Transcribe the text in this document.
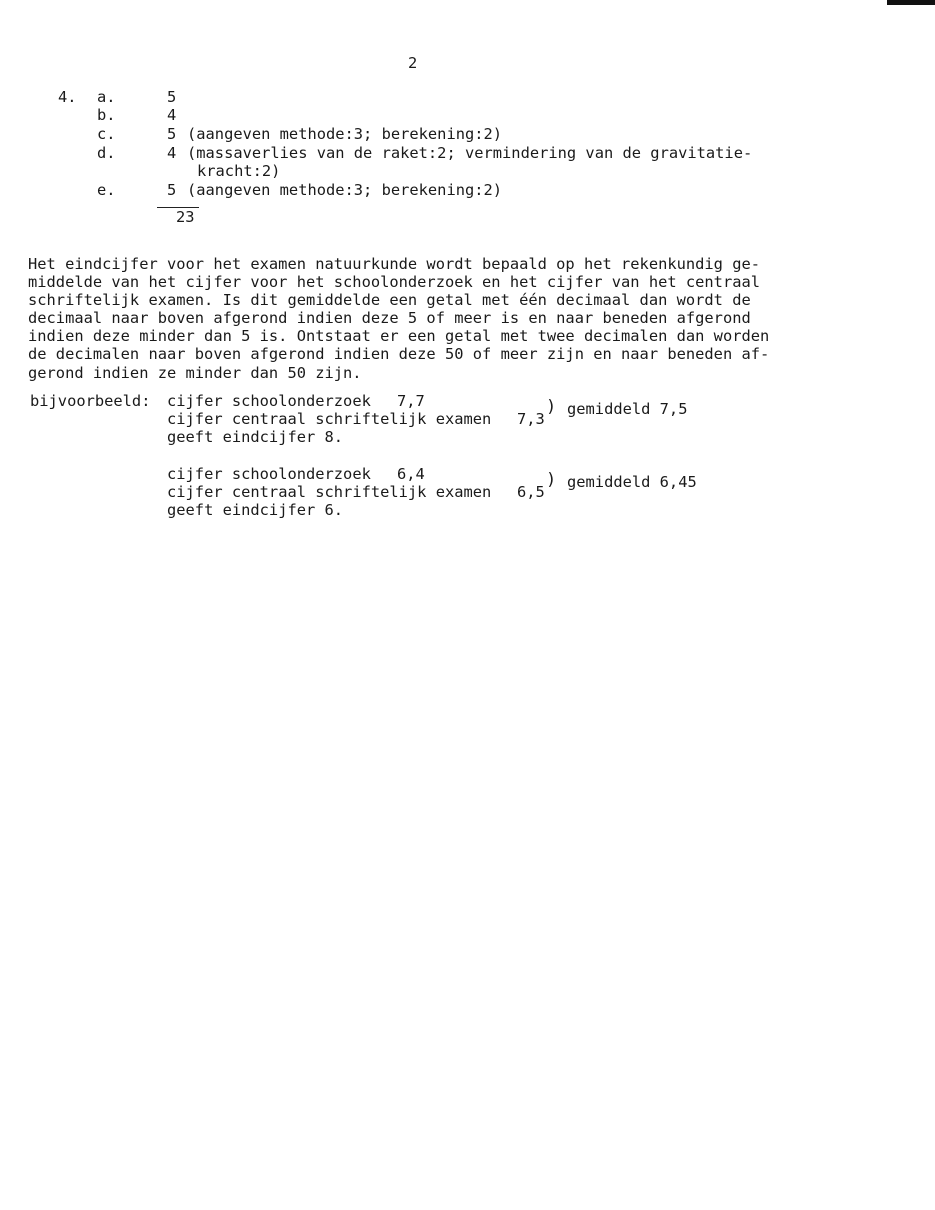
2
4. a.	5
b.	4
c.	5 (aangeven methode:3; berekening:2)
d.	4 (massaverlies van de raket:2; vermindering van de gravitatie-
kracht:2)
e.	5 (aangeven methode:3; berekening:2)
23
Het eindcijfer voor het examen natuurkunde wordt bepaald op het rekenkundig ge-
middelde van het cijfer voor het schoolonderzoek en het cijfer van het centraal
schriftelijk examen. Is dit gemiddelde een getal met één decimaal dan wordt de
decimaal naar boven afgerond indien deze 5 of meer is en naar beneden afgerond
indien deze minder dan 5 is. Ontstaat er een getal met twee decimalen dan worden
de decimalen naar boven afgerond indien deze 50 of meer zijn en naar beneden af-
gerond indien ze minder dan 50 zijn.
bijvoorbeeld: cijfer schoolonderzoek 7,7
cijfer centraal schriftelijk examen 7,3
) gemiddeld 7,5
geeft eindcijfer 8.
cijfer schoolonderzoek 6,4
cijfer centraal schriftelijk examen 6,5
) gemiddeld 6,45
geeft eindcijfer 6.
